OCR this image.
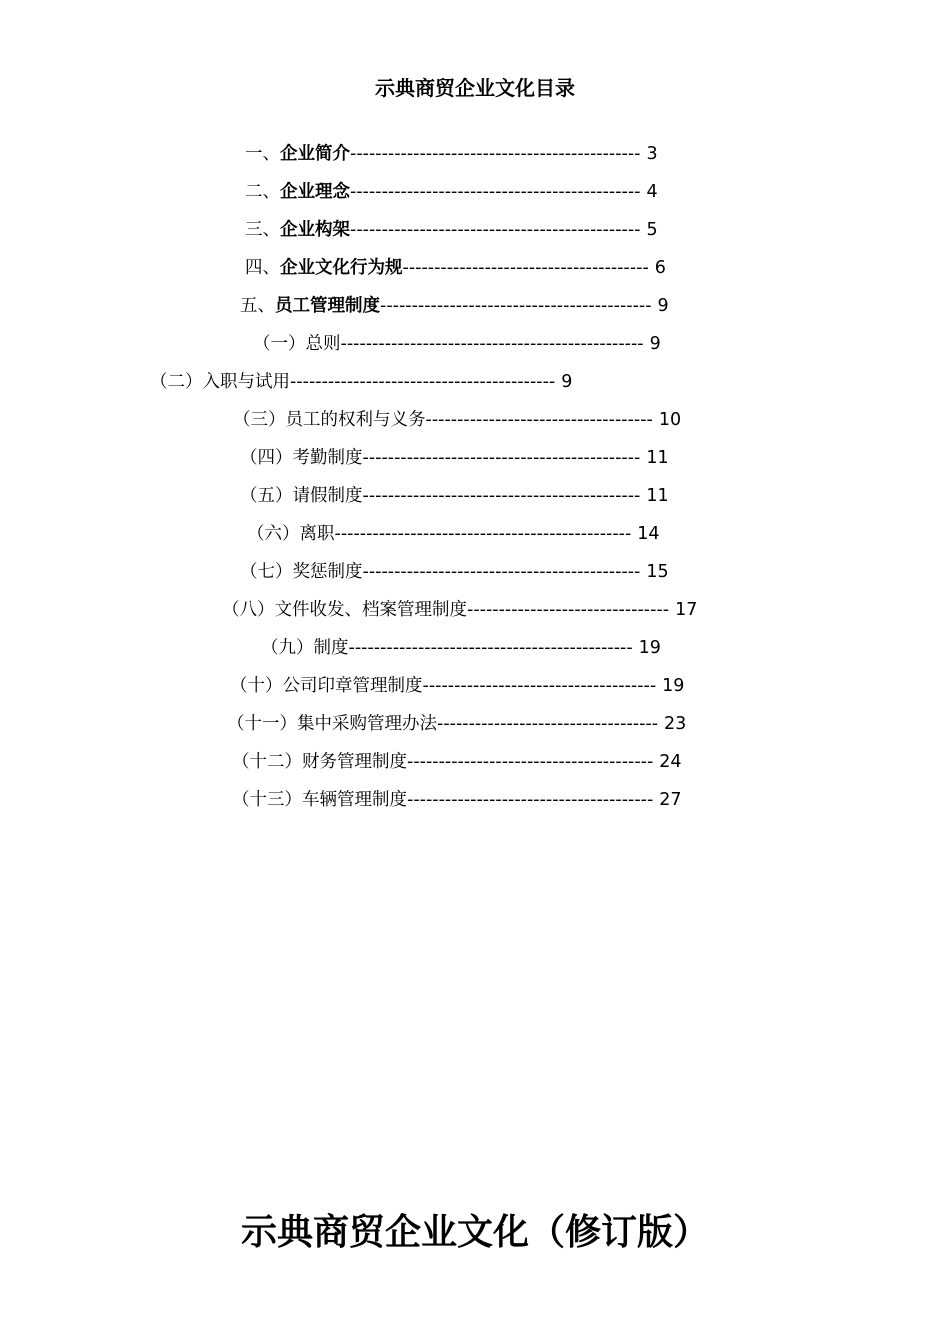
示典商贸企业文化目录
一、企业简介---------------------------------------------- 3
二、企业理念---------------------------------------------- 4
三、企业构架---------------------------------------------- 5
四、企业文化行为规--------------------------------------- 6
五、员工管理制度------------------------------------------- 9
（一）总则------------------------------------------------ 9
（二）入职与试用------------------------------------------ 9
（三）员工的权利与义务------------------------------------ 10
（四）考勤制度-------------------------------------------- 11
（五）请假制度-------------------------------------------- 11
（六）离职----------------------------------------------- 14
（七）奖惩制度-------------------------------------------- 15
（八）文件收发、档案管理制度-------------------------------- 17
（九）制度--------------------------------------------- 19
（十）公司印章管理制度------------------------------------- 19
（十一）集中采购管理办法----------------------------------- 23
（十二）财务管理制度--------------------------------------- 24
（十三）车辆管理制度--------------------------------------- 27
示典商贸企业文化（修订版）
